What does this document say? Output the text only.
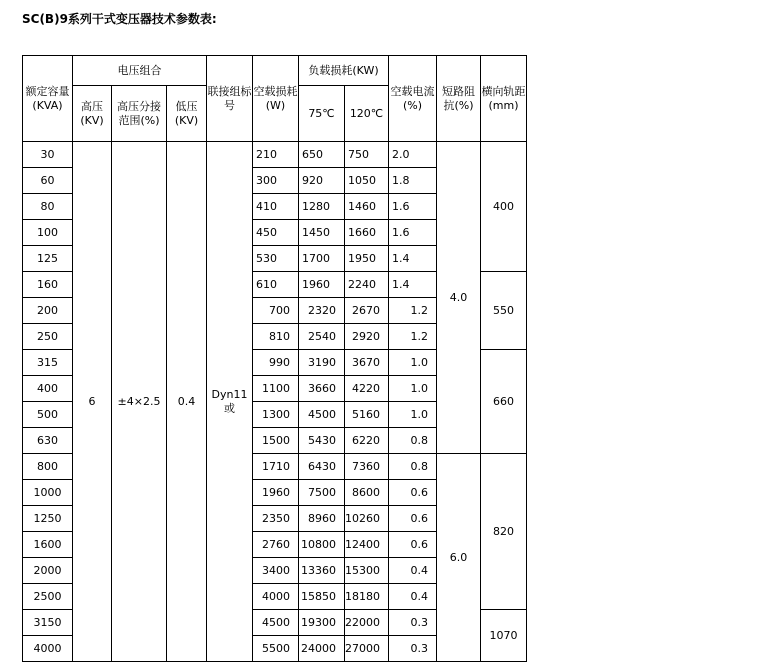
SC(B)9系列干式变压器技术参数表:
额定容量(KVA)	电压组合			联接组标号	空载损耗(W)	负载损耗(KW)		空载电流(%)	短路阻抗(%)	横向轨距(mm)
	高压(KV)	高压分接范围(%)	低压(KV)			75℃	120℃			
30	6	±4×2.5	0.4	Dyn11或	210	650	750	2.0	4.0	400
60					300	920	1050	1.8		
80					410	1280	1460	1.6		
100					450	1450	1660	1.6		
125					530	1700	1950	1.4		
160					610	1960	2240	1.4		550
200					700	2320	2670	1.2		
250					810	2540	2920	1.2		
315					990	3190	3670	1.0		660
400					1100	3660	4220	1.0		
500					1300	4500	5160	1.0		
630					1500	5430	6220	0.8		
800					1710	6430	7360	0.8	6.0	820
1000					1960	7500	8600	0.6		
1250					2350	8960	10260	0.6		
1600					2760	10800	12400	0.6		
2000					3400	13360	15300	0.4		
2500					4000	15850	18180	0.4		
3150					4500	19300	22000	0.3		1070
4000					5500	24000	27000	0.3		
